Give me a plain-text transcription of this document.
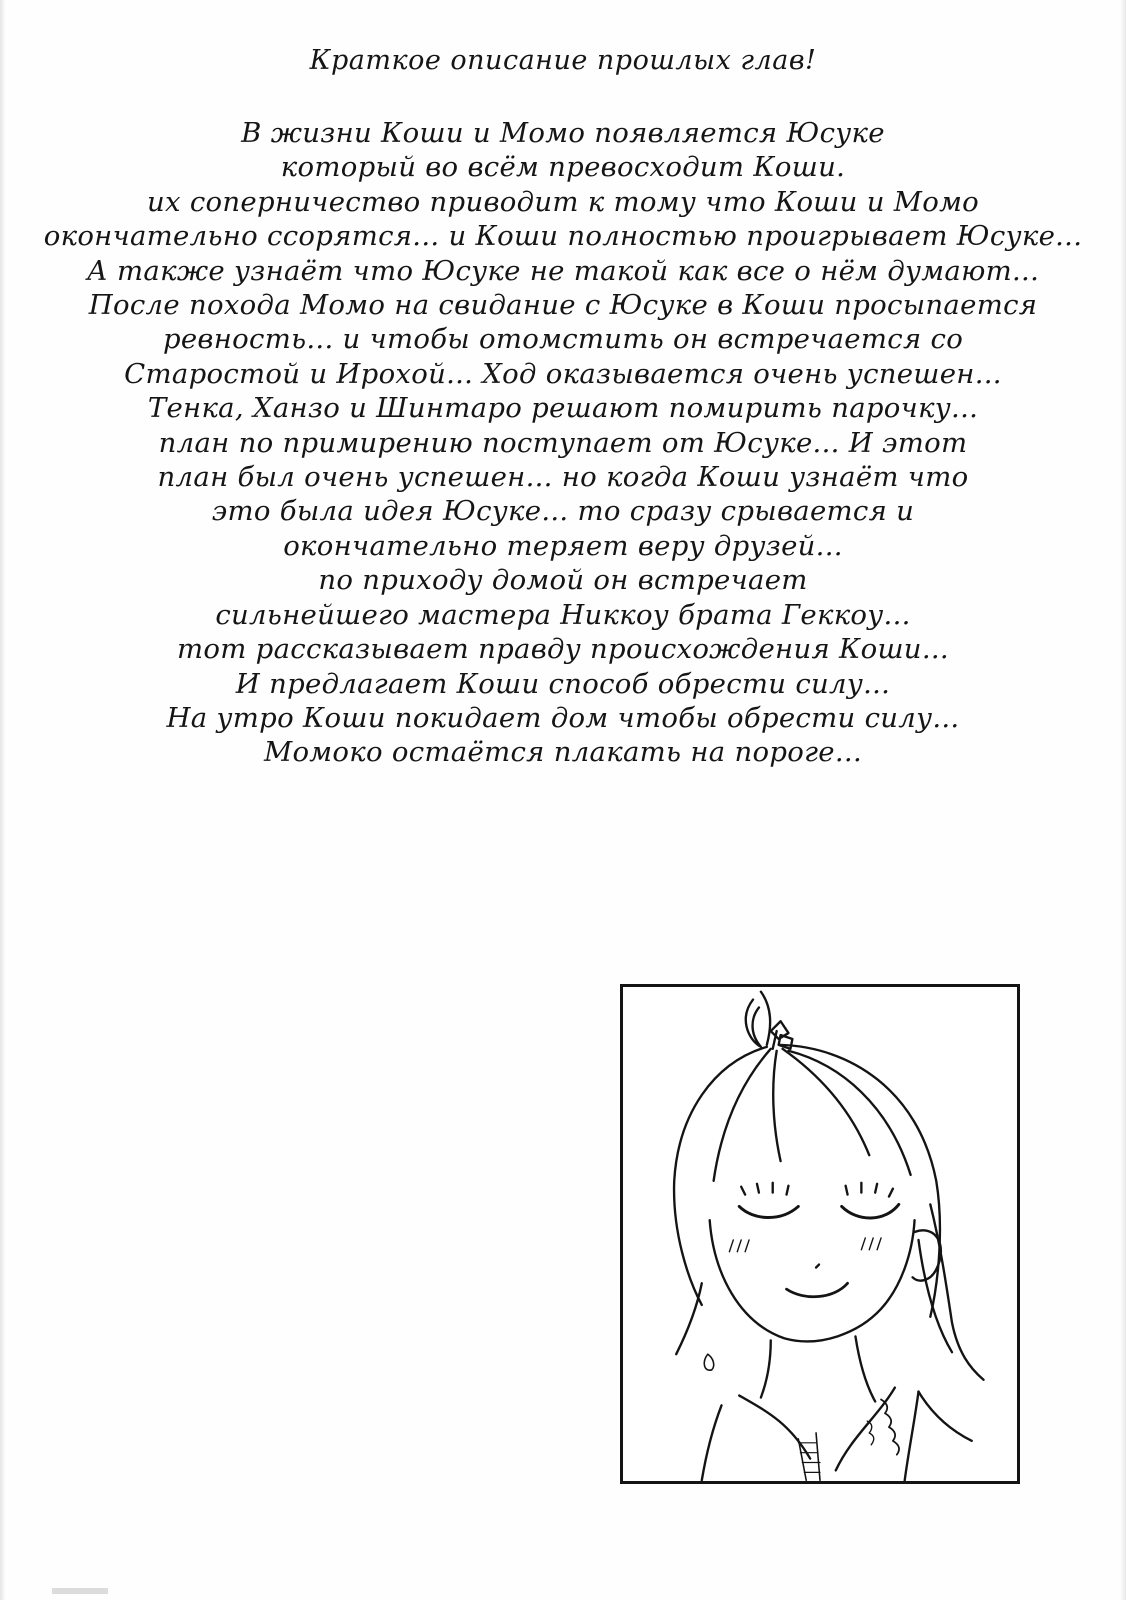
Краткое описание прошлых глав!
В жизни Коши и Момо появляется Юсуке
который во всём превосходит Коши.
их соперничество приводит к тому что Коши и Момо
окончательно ссорятся... и Коши полностью проигрывает Юсуке...
А также узнаёт что Юсуке не такой как все о нём думают...
После похода Момо на свидание с Юсуке в Коши просыпается
ревность... и чтобы отомстить он встречается со
Старостой и Ирохой... Ход оказывается очень успешен...
Тенка, Ханзо и Шинтаро решают помирить парочку...
план по примирению поступает от Юсуке... И этот
план был очень успешен... но когда Коши узнаёт что
это была идея Юсуке... то сразу срывается и
окончательно теряет веру друзей...
по приходу домой он встречает
сильнейшего мастера Никкоу брата Геккоу...
тот рассказывает правду происхождения Коши...
И предлагает Коши способ обрести силу...
На утро Коши покидает дом чтобы обрести силу...
Момоко остаётся плакать на пороге...
